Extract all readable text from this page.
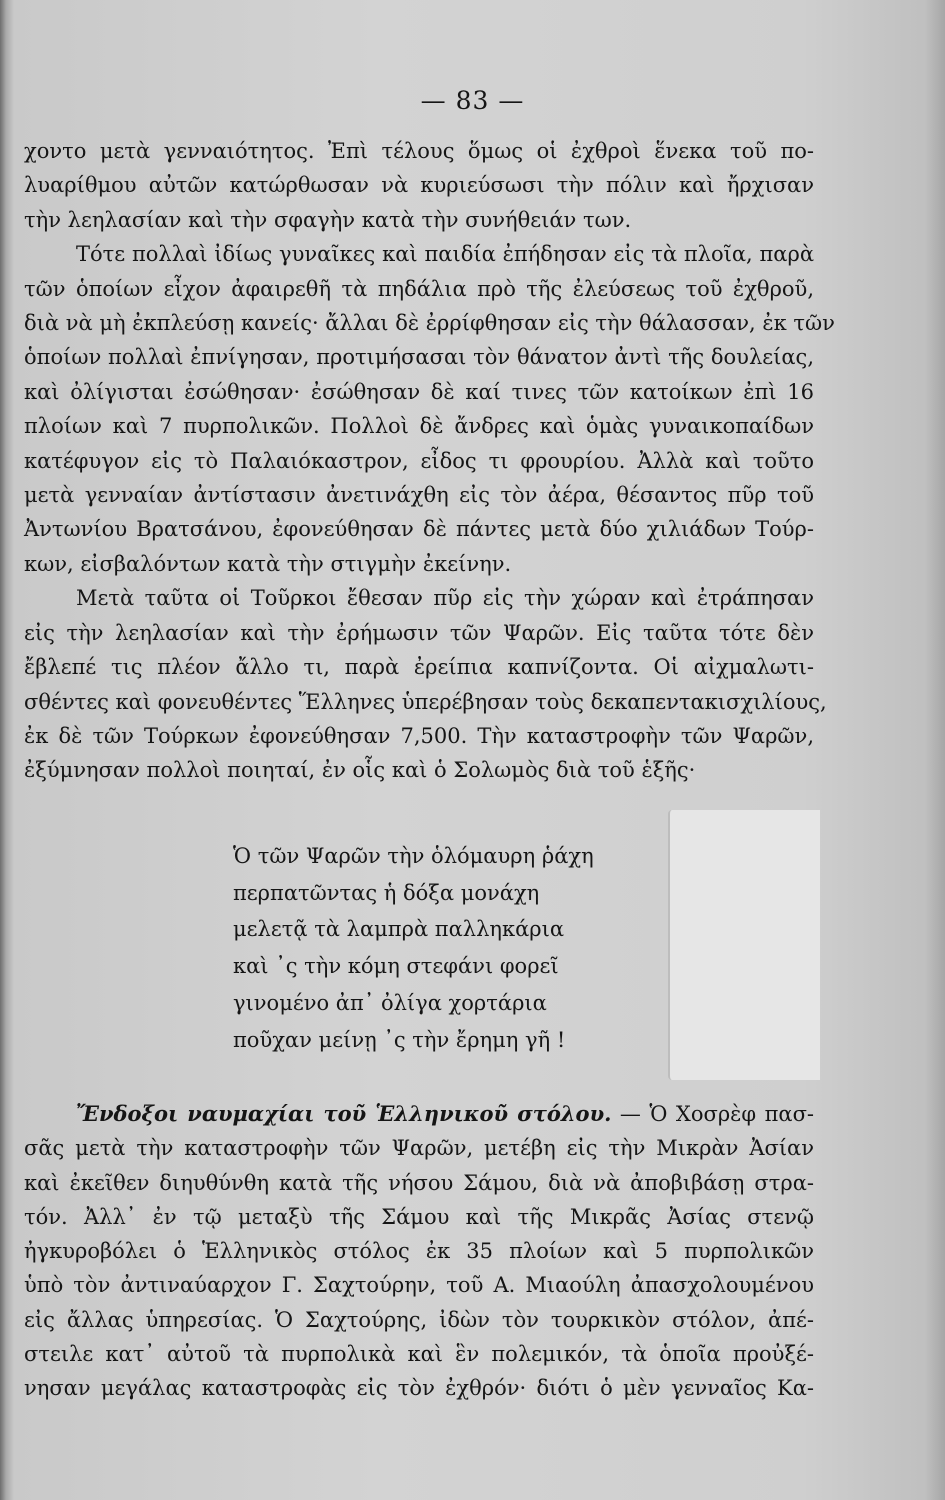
— 83 —
χοντο μετὰ γενναιότητος. Ἐπὶ τέλους ὅμως οἱ ἐχθροὶ ἕνεκα τοῦ πο-
λυαρίθμου αὐτῶν κατώρθωσαν νὰ κυριεύσωσι τὴν πόλιν καὶ ἤρχισαν
τὴν λεηλασίαν καὶ τὴν σφαγὴν κατὰ τὴν συνήθειάν των.
Τότε πολλαὶ ἰδίως γυναῖκες καὶ παιδία ἐπήδησαν εἰς τὰ πλοῖα, παρὰ
τῶν ὁποίων εἶχον ἀφαιρεθῆ τὰ πηδάλια πρὸ τῆς ἐλεύσεως τοῦ ἐχθροῦ,
διὰ νὰ μὴ ἐκπλεύσῃ κανείς· ἄλλαι δὲ ἐρρίφθησαν εἰς τὴν θάλασσαν, ἐκ τῶν
ὁποίων πολλαὶ ἐπνίγησαν, προτιμήσασαι τὸν θάνατον ἀντὶ τῆς δουλείας,
καὶ ὀλίγισται ἐσώθησαν· ἐσώθησαν δὲ καί τινες τῶν κατοίκων ἐπὶ 16
πλοίων καὶ 7 πυρπολικῶν. Πολλοὶ δὲ ἄνδρες καὶ ὁμὰς γυναικοπαίδων
κατέφυγον εἰς τὸ Παλαιόκαστρον, εἶδος τι φρουρίου. Ἀλλὰ καὶ τοῦτο
μετὰ γενναίαν ἀντίστασιν ἀνετινάχθη εἰς τὸν ἀέρα, θέσαντος πῦρ τοῦ
Ἀντωνίου Βρατσάνου, ἐφονεύθησαν δὲ πάντες μετὰ δύο χιλιάδων Τούρ-
κων, εἰσβαλόντων κατὰ τὴν στιγμὴν ἐκείνην.
Μετὰ ταῦτα οἱ Τοῦρκοι ἔθεσαν πῦρ εἰς τὴν χώραν καὶ ἐτράπησαν
εἰς τὴν λεηλασίαν καὶ τὴν ἐρήμωσιν τῶν Ψαρῶν. Εἰς ταῦτα τότε δὲν
ἔβλεπέ τις πλέον ἄλλο τι, παρὰ ἐρείπια καπνίζοντα. Οἱ αἰχμαλωτι-
σθέντες καὶ φονευθέντες Ἕλληνες ὑπερέβησαν τοὺς δεκαπεντακισχιλίους,
ἐκ δὲ τῶν Τούρκων ἐφονεύθησαν 7,500. Τὴν καταστροφὴν τῶν Ψαρῶν,
ἐξύμνησαν πολλοὶ ποιηταί, ἐν οἷς καὶ ὁ Σολωμὸς διὰ τοῦ ἑξῆς·
Ὁ τῶν Ψαρῶν τὴν ὁλόμαυρη ῥάχη
περπατῶντας ἡ δόξα μονάχη
μελετᾷ τὰ λαμπρὰ παλληκάρια
καὶ ᾿ς τὴν κόμη στεφάνι φορεῖ
γινομένο ἀπ᾿ ὀλίγα χορτάρια
ποῦχαν μείνῃ ᾿ς τὴν ἔρημη γῆ !
Ἔνδοξοι ναυμαχίαι τοῦ Ἑλληνικοῦ στόλου. — Ὁ Χοσρὲφ πασ-
σᾶς μετὰ τὴν καταστροφὴν τῶν Ψαρῶν, μετέβη εἰς τὴν Μικρὰν Ἀσίαν
καὶ ἐκεῖθεν διηυθύνθη κατὰ τῆς νήσου Σάμου, διὰ νὰ ἀποβιβάσῃ στρα-
τόν. Ἀλλ᾿ ἐν τῷ μεταξὺ τῆς Σάμου καὶ τῆς Μικρᾶς Ἀσίας στενῷ
ἠγκυροβόλει ὁ Ἑλληνικὸς στόλος ἐκ 35 πλοίων καὶ 5 πυρπολικῶν
ὑπὸ τὸν ἀντιναύαρχον Γ. Σαχτούρην, τοῦ Α. Μιαούλη ἀπασχολουμένου
εἰς ἄλλας ὑπηρεσίας. Ὁ Σαχτούρης, ἰδὼν τὸν τουρκικὸν στόλον, ἀπέ-
στειλε κατ᾿ αὐτοῦ τὰ πυρπολικὰ καὶ ἓν πολεμικόν, τὰ ὁποῖα προὐξέ-
νησαν μεγάλας καταστροφὰς εἰς τὸν ἐχθρόν· διότι ὁ μὲν γενναῖος Κα-
